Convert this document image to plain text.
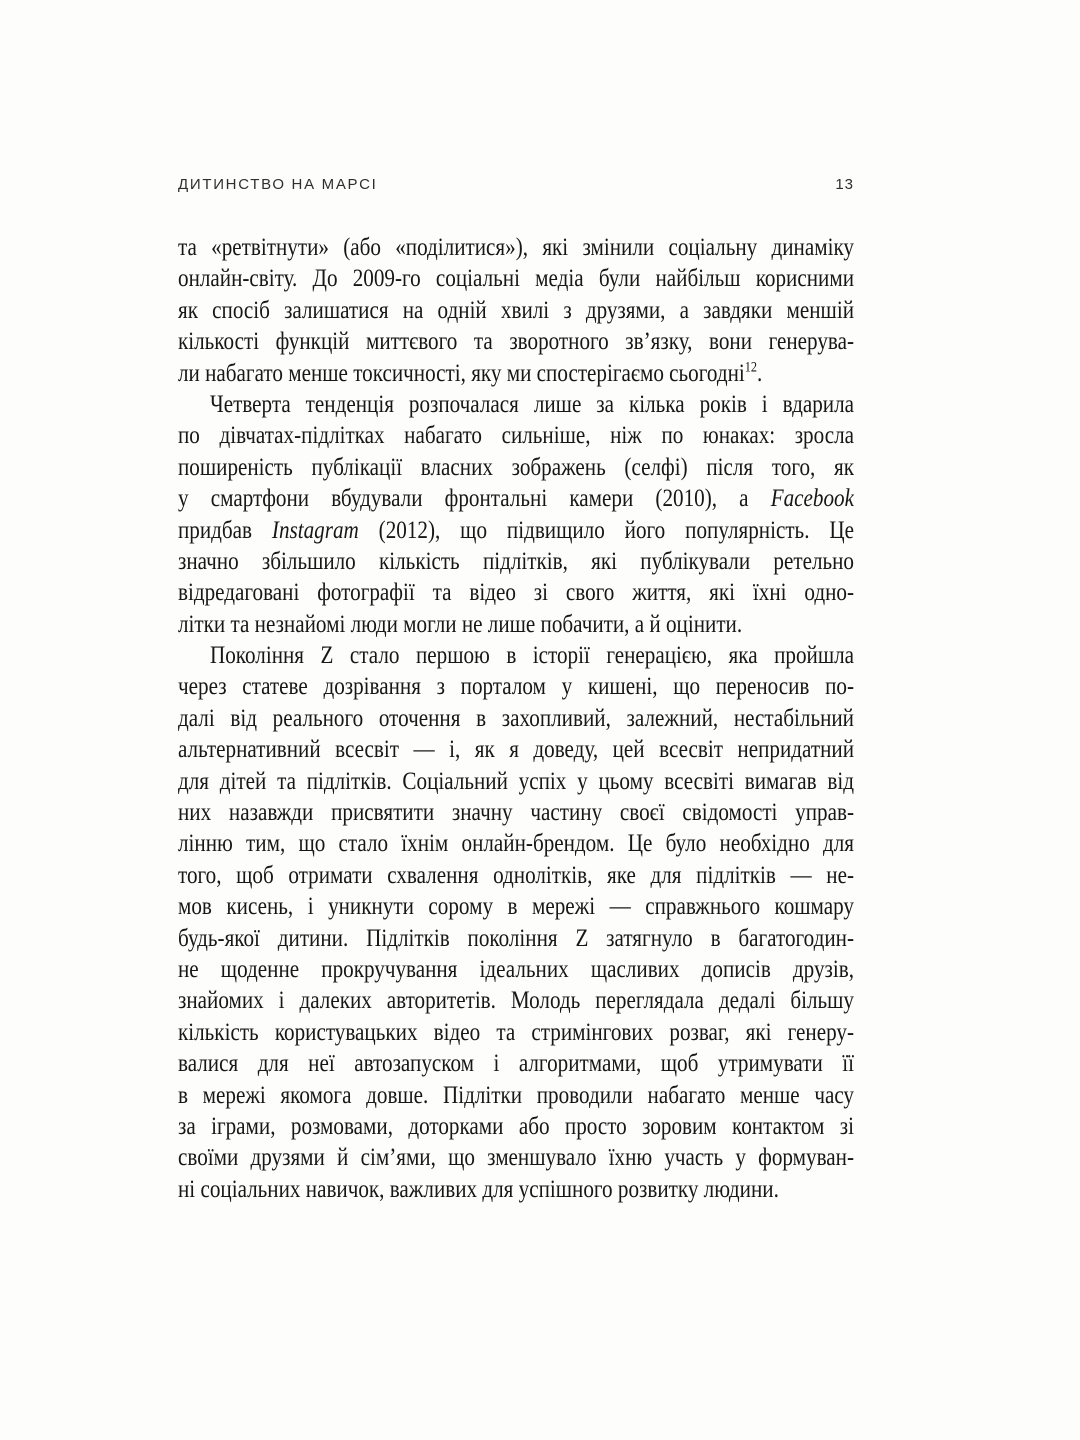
ДИТИНСТВО НА МАРСІ	13
та «ретвітнути» (або «поділитися»), які змінили соціальну динаміку
онлайн-світу. До 2009-го соціальні медіа були найбільш корисними
як спосіб залишатися на одній хвилі з друзями, а завдяки меншій
кількості функцій миттєвого та зворотного зв’язку, вони генерува-
ли набагато менше токсичності, яку ми спостерігаємо сьогодні$^{12}$.
Четверта тенденція розпочалася лише за кілька років і вдарила
по дівчатах-підлітках набагато сильніше, ніж по юнаках: зросла
поширеність публікації власних зображень (селфі) після того, як
у смартфони вбудували фронтальні камери (2010), а Facebook
придбав Instagram (2012), що підвищило його популярність. Це
значно збільшило кількість підлітків, які публікували ретельно
відредаговані фотографії та відео зі свого життя, які їхні одно-
літки та незнайомі люди могли не лише побачити, а й оцінити.
Покоління Z стало першою в історії генерацією, яка пройшла
через статеве дозрівання з порталом у кишені, що переносив по-
далі від реального оточення в захопливий, залежний, нестабільний
альтернативний всесвіт — і, як я доведу, цей всесвіт непридатний
для дітей та підлітків. Соціальний успіх у цьому всесвіті вимагав від
них назавжди присвятити значну частину своєї свідомості управ-
лінню тим, що стало їхнім онлайн-брендом. Це було необхідно для
того, щоб отримати схвалення однолітків, яке для підлітків — не-
мов кисень, і уникнути сорому в мережі — справжнього кошмару
будь-якої дитини. Підлітків покоління Z затягнуло в багатогодин-
не щоденне прокручування ідеальних щасливих дописів друзів,
знайомих і далеких авторитетів. Молодь переглядала дедалі більшу
кількість користувацьких відео та стримінгових розваг, які генеру-
валися для неї автозапуском і алгоритмами, щоб утримувати її
в мережі якомога довше. Підлітки проводили набагато менше часу
за іграми, розмовами, доторками або просто зоровим контактом зі
своїми друзями й сім’ями, що зменшувало їхню участь у формуван-
ні соціальних навичок, важливих для успішного розвитку людини.
